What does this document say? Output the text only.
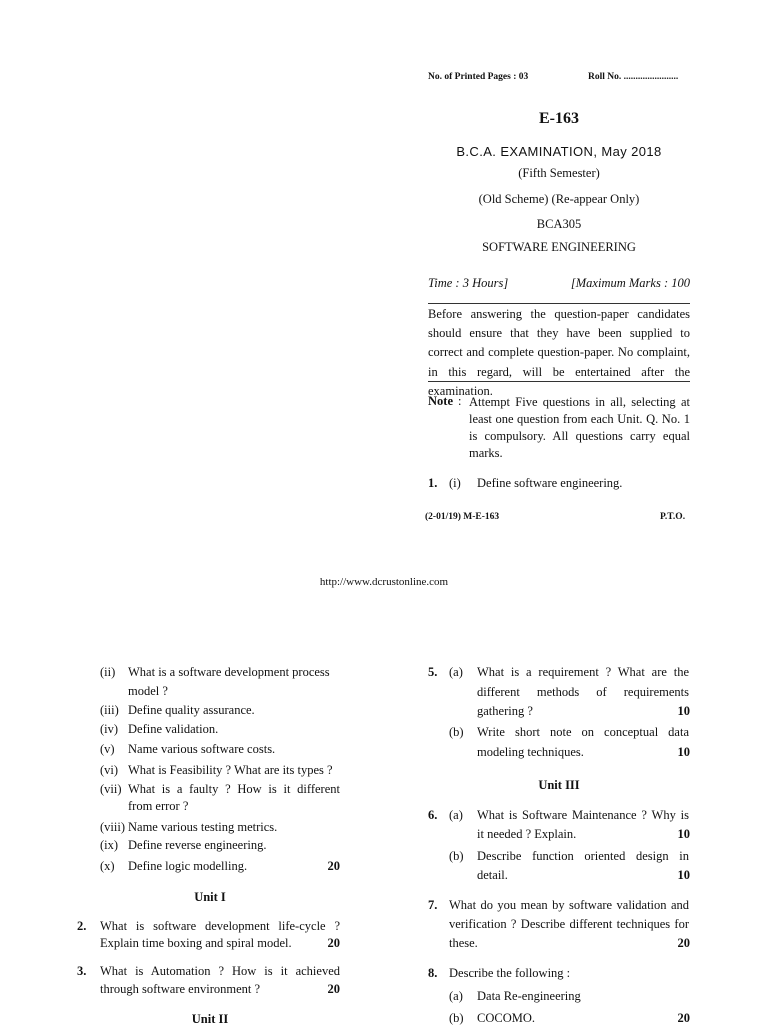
No. of Printed Pages : 03	Roll No. .......................
E-163
B.C.A. EXAMINATION, May 2018
(Fifth Semester)
(Old Scheme) (Re-appear Only)
BCA305
SOFTWARE ENGINEERING
Time : 3 Hours]	[Maximum Marks : 100
Before answering the question-paper candidates should ensure that they have been supplied to correct and complete question-paper. No complaint, in this regard, will be entertained after the examination.
Note : Attempt Five questions in all, selecting at least one question from each Unit. Q. No. 1 is compulsory. All questions carry equal marks.
1. (i) Define software engineering.
(2-01/19) M-E-163	P.T.O.
http://www.dcrustonline.com
(ii) What is a software development process
model ?
(iii) Define quality assurance.
(iv) Define validation.
(v) Name various software costs.
(vi) What is Feasibility ? What are its types ?
(vii) What is a faulty ? How is it different
from error ?
(viii) Name various testing metrics.
(ix) Define reverse engineering.
(x) Define logic modelling.	20
Unit I
2. What is software development life-cycle ?
Explain time boxing and spiral model.	20
3. What is Automation ? How is it achieved
through software environment ?	20
Unit II
5. (a) What is a requirement ? What are the
different methods of requirements
gathering ?	10
(b) Write short note on conceptual data
modeling techniques.	10
Unit III
6. (a) What is Software Maintenance ? Why is
it needed ? Explain.	10
(b) Describe function oriented design in
detail.	10
7. What do you mean by software validation and
verification ? Describe different techniques for
these.	20
8. Describe the following :
(a) Data Re-engineering
(b) COCOMO.	20
